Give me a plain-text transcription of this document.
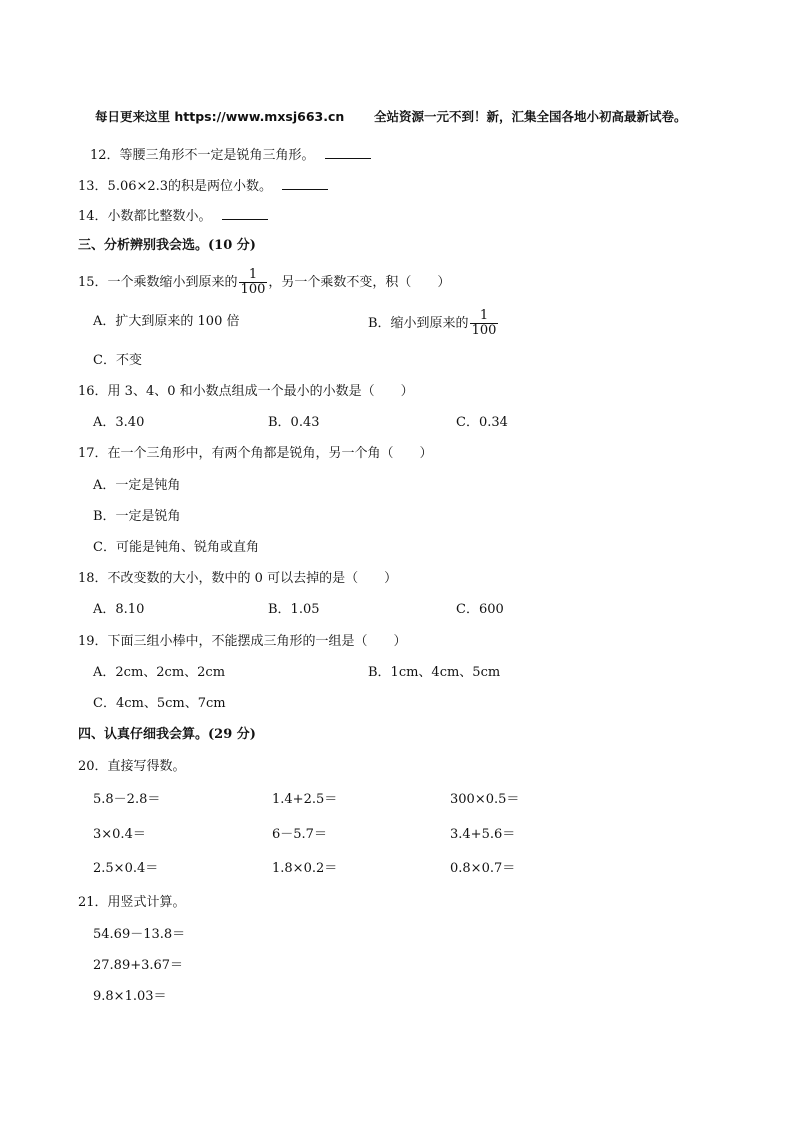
每日更来这里 https://www.mxsj663.cn 全站资源一元不到！新，汇集全国各地小初高最新试卷。
12．等腰三角形不一定是锐角三角形。
13．5.06×2.3的积是两位小数。
14．小数都比整数小。
三、分析辨别我会选。(10 分)
15．一个乘数缩小到原来的 $\frac{1}{100}$ ，另一个乘数不变，积（　　）
A．扩大到原来的 100 倍	B．缩小到原来的 $\frac{1}{100}$
C．不变
16．用 3、4、0 和小数点组成一个最小的小数是（　　）
A．3.40	B．0.43	C．0.34
17．在一个三角形中，有两个角都是锐角，另一个角（　　）
A．一定是钝角
B．一定是锐角
C．可能是钝角、锐角或直角
18．不改变数的大小，数中的 0 可以去掉的是（　　）
A．8.10	B．1.05	C．600
19．下面三组小棒中，不能摆成三角形的一组是（　　）
A．2cm、2cm、2cm	B．1cm、4cm、5cm
C．4cm、5cm、7cm
四、认真仔细我会算。(29 分)
20．直接写得数。
5.8－2.8＝	1.4+2.5＝	300×0.5＝
3×0.4＝	6－5.7＝	3.4+5.6＝
2.5×0.4＝	1.8×0.2＝	0.8×0.7＝
21．用竖式计算。
54.69－13.8＝
27.89+3.67＝
9.8×1.03＝
